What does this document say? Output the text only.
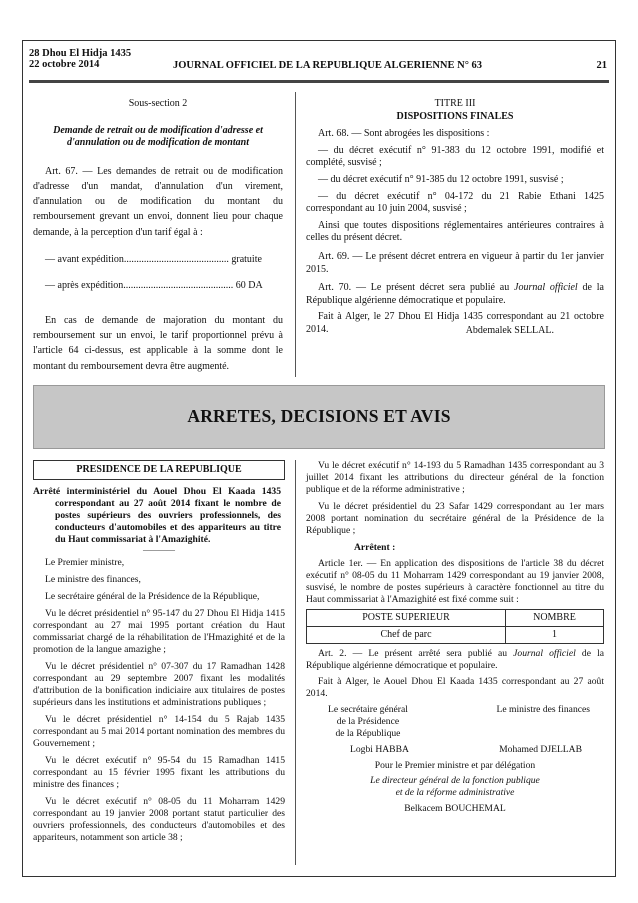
28 Dhou El Hidja 1435
22 octobre 2014	JOURNAL OFFICIEL DE LA REPUBLIQUE ALGERIENNE N° 63	21

Sous-section 2

Demande de retrait ou de modification d'adresse et d'annulation ou de modification de montant

Art. 67. — Les demandes de retrait ou de modification d'adresse d'un mandat, d'annulation d'un virement, d'annulation ou de modification du montant du remboursement grevant un envoi, donnent lieu pour chaque demande, à la perception d'un tarif égal à :

— avant expédition.......................................... gratuite

— après expédition............................................ 60 DA

En cas de demande de majoration du montant du remboursement sur un envoi, le tarif proportionnel prévu à l'article 64 ci-dessus, est applicable à la somme dont le montant du remboursement devra être augmenté.

TITRE III

DISPOSITIONS FINALES

Art. 68. — Sont abrogées les dispositions :

— du décret exécutif n° 91-383 du 12 octobre 1991, modifié et complété, susvisé ;

— du décret exécutif n° 91-385 du 12 octobre 1991, susvisé ;

— du décret exécutif n° 04-172 du 21 Rabie Ethani 1425 correspondant au 10 juin 2004, susvisé ;

Ainsi que toutes dispositions réglementaires antérieures contraires à celles du présent décret.

Art. 69. — Le présent décret entrera en vigueur à partir du 1er janvier 2015.

Art. 70. — Le présent décret sera publié au Journal officiel de la République algérienne démocratique et populaire.

Fait à Alger, le 27 Dhou El Hidja 1435 correspondant au 21 octobre 2014.	Abdemalek SELLAL.

ARRETES, DECISIONS ET AVIS
PRESIDENCE DE LA REPUBLIQUE

Arrêté interministériel du Aouel Dhou El Kaada 1435 correspondant au 27 août 2014 fixant le nombre de postes supérieurs des ouvriers professionnels, des conducteurs d'automobiles et des appariteurs au titre du Haut commissariat à l'Amazighité.

————

Le Premier ministre,

Le ministre des finances,

Le secrétaire général de la Présidence de la République,

Vu le décret présidentiel n° 95-147 du 27 Dhou El Hidja 1415 correspondant au 27 mai 1995 portant création du Haut commissariat chargé de la réhabilitation de l'Hmazighité et de la promotion de la langue amazighe ;

Vu le décret présidentiel n° 07-307 du 17 Ramadhan 1428 correspondant au 29 septembre 2007 fixant les modalités d'attribution de la bonification indiciaire aux titulaires de postes supérieurs dans les institutions et administrations publiques ;

Vu le décret présidentiel n° 14-154 du 5 Rajab 1435 correspondant au 5 mai 2014 portant nomination des membres du Gouvernement ;

Vu le décret exécutif n° 95-54 du 15 Ramadhan 1415 correspondant au 15 février 1995 fixant les attributions du ministre des finances ;

Vu le décret exécutif n° 08-05 du 11 Moharram 1429 correspondant au 19 janvier 2008 portant statut particulier des ouvriers professionnels, des conducteurs d'automobiles et des appariteurs, notamment son article 38 ;

Vu le décret exécutif n° 14-193 du 5 Ramadhan 1435 correspondant au 3 juillet 2014 fixant les attributions du directeur général de la fonction publique et de la réforme administrative ;

Vu le décret présidentiel du 23 Safar 1429 correspondant au 1er mars 2008 portant nomination du secrétaire général de la Présidence de la République ;

Arrêtent :

Article 1er. — En application des dispositions de l'article 38 du décret exécutif n° 08-05 du 11 Moharram 1429 correspondant au 19 janvier 2008, susvisé, le nombre de postes supérieurs à caractère fonctionnel au titre du Haut commissariat à l'Amazighité est fixé comme suit :

POSTE SUPERIEUR	NOMBRE
Chef de parc	1

Art. 2. — Le présent arrêté sera publié au Journal officiel de la République algérienne démocratique et populaire.

Fait à Alger, le Aouel Dhou El Kaada 1435 correspondant au 27 août 2014.

Le secrétaire général
de la Présidence
de la République
Le ministre des finances
Logbi HABBA	Mohamed DJELLAB

Pour le Premier ministre et par délégation

Le directeur général de la fonction publique

et de la réforme administrative

Belkacem BOUCHEMAL
